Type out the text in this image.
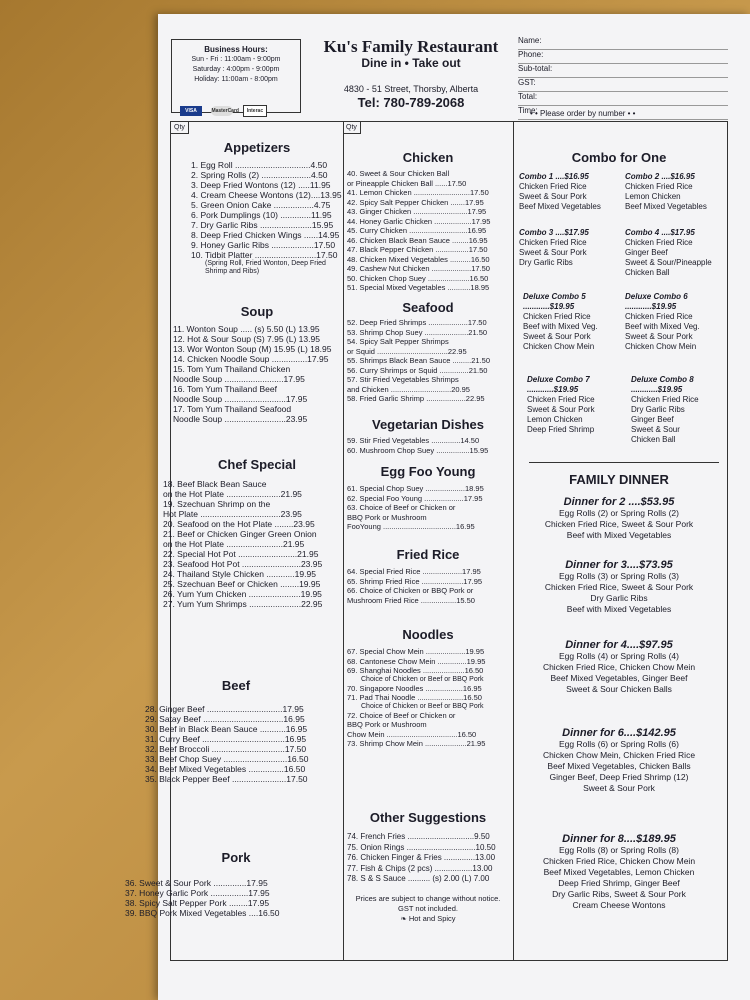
Business Hours:
Sun - Fri : 11:00am - 9:00pm
Saturday : 4:00pm - 9:00pm
Holiday: 11:00am - 8:00pm
VISA	MasterCard Interac
Ku's Family Restaurant
Dine in • Take out
4830 - 51 Street, Thorsby, Alberta
Tel: 780-789-2068
Name:
Phone:
Sub-total:
GST:
Total:
Time:
• • Please order by number • •
Qty
Appetizers
1. Egg Roll ................................4.50
2. Spring Rolls (2) .....................4.50
3. Deep Fried Wontons (12) .....11.95
4. Cream Cheese Wontons (12)....13.95
5. Green Onion Cake .................4.75
6. Pork Dumplings (10) .............11.95
7. Dry Garlic Ribs ......................15.95
8. Deep Fried Chicken Wings ......14.95
9. Honey Garlic Ribs ..................17.50
10. Tidbit Platter ..........................17.50
(Spring Roll, Fried Wonton, Deep Fried Shrimp and Ribs)
Soup
11. Wonton Soup ..... (s) 5.50 (L) 13.95
12. Hot & Sour Soup (S) 7.95 (L) 13.95
13. Wor Wonton Soup (M) 15.95 (L) 18.95
14. Chicken Noodle Soup ...............17.95
15. Tom Yum Thailand Chicken
Noodle Soup .........................17.95
16. Tom Yum Thailand Beef
Noodle Soup ..........................17.95
17. Tom Yum Thailand Seafood
Noodle Soup ..........................23.95
Chef Special
18. Beef Black Bean Sauce
on the Hot Plate .......................21.95
19. Szechuan Shrimp on the
Hot Plate ..................................23.95
20. Seafood on the Hot Plate ........23.95
21. Beef or Chicken Ginger Green Onion
on the Hot Plate ........................21.95
22. Special Hot Pot .........................21.95
23. Seafood Hot Pot .........................23.95
24. Thailand Style Chicken ............19.95
25. Szechuan Beef or Chicken ........19.95
26. Yum Yum Chicken ......................19.95
27. Yum Yum Shrimps ......................22.95
Beef
28. Ginger Beef ................................17.95
29. Satay Beef ..................................16.95
30. Beef in Black Bean Sauce ...........16.95
31. Curry Beef ...................................16.95
32. Beef Broccoli ...............................17.50
33. Beef Chop Suey ...........................16.50
34. Beef Mixed Vegetables ...............16.50
35. Black Pepper Beef .......................17.50
Pork
36. Sweet & Sour Pork ..............17.95
37. Honey Garlic Pork ................17.95
38. Spicy Salt Pepper Pork ........17.95
39. BBQ Pork Mixed Vegetables ....16.50
Qty
Chicken
40. Sweet & Sour Chicken Ball
or Pineapple Chicken Ball ......17.50
41. Lemon Chicken ...........................17.50
42. Spicy Salt Pepper Chicken .......17.95
43. Ginger Chicken ..........................17.95
44. Honey Garlic Chicken ..................17.95
45. Curry Chicken ............................16.95
46. Chicken Black Bean Sauce ........16.95
47. Black Pepper Chicken ................17.50
48. Chicken Mixed Vegetables ..........16.50
49. Cashew Nut Chicken ...................17.50
50. Chicken Chop Suey ....................16.50
51. Special Mixed Vegetables ...........18.95
Seafood
52. Deep Fried Shrimps ...................17.50
53. Shrimp Chop Suey .....................21.50
54. Spicy Salt Pepper Shrimps
or Squid ..................................22.95
55. Shrimps Black Bean Sauce .........21.50
56. Curry Shrimps or Squid ..............21.50
57. Stir Fried Vegetables Shrimps
and Chicken .............................20.95
58. Fried Garlic Shrimp ...................22.95
Vegetarian Dishes
59. Stir Fried Vegetables ..............14.50
60. Mushroom Chop Suey ................15.95
Egg Foo Young
61. Special Chop Suey ...................18.95
62. Special Foo Young ...................17.95
63. Choice of Beef or Chicken or
BBQ Pork or Mushroom
FooYoung ...................................16.95
Fried Rice
64. Special Fried Rice ...................17.95
65. Shrimp Fried Rice ....................17.95
66. Choice of Chicken or BBQ Pork or
Mushroom Fried Rice .................15.50
Noodles
67. Special Chow Mein ...................19.95
68. Cantonese Chow Mein ..............19.95
69. Shanghai Noodles ....................16.50
Choice of Chicken or Beef or BBQ Pork
70. Singapore Noodles ..................16.95
71. Pad Thai Noodle ......................16.50
Choice of Chicken or Beef or BBQ Pork
72. Choice of Beef or Chicken or
BBQ Pork or Mushroom
Chow Mein ..................................16.50
73. Shrimp Chow Mein ....................21.95
Other Suggestions
74. French Fries ..............................9.50
75. Onion Rings ...............................10.50
76. Chicken Finger & Fries ..............13.00
77. Fish & Chips (2 pcs) .................13.00
78. S & S Sauce .......... (s) 2.00 (L) 7.00
Prices are subject to change without notice.
GST not included.
❧ Hot and Spicy
Combo for One
Combo 1 ....$16.95
Chicken Fried Rice
Sweet & Sour Pork
Beef Mixed Vegetables
Combo 2 ....$16.95
Chicken Fried Rice
Lemon Chicken
Beef Mixed Vegetables
Combo 3 ....$17.95
Chicken Fried Rice
Sweet & Sour Pork
Dry Garlic Ribs
Combo 4 ....$17.95
Chicken Fried Rice
Ginger Beef
Sweet & Sour/Pineapple
Chicken Ball
Deluxe Combo 5
............$19.95
Chicken Fried Rice
Beef with Mixed Veg.
Sweet & Sour Pork
Chicken Chow Mein
Deluxe Combo 6
............$19.95
Chicken Fried Rice
Beef with Mixed Veg.
Sweet & Sour Pork
Chicken Chow Mein
Deluxe Combo 7
............$19.95
Chicken Fried Rice
Sweet & Sour Pork
Lemon Chicken
Deep Fried Shrimp
Deluxe Combo 8
............$19.95
Chicken Fried Rice
Dry Garlic Ribs
Ginger Beef
Sweet & Sour
Chicken Ball
FAMILY DINNER
Dinner for 2 ....$53.95
Egg Rolls (2) or Spring Rolls (2)
Chicken Fried Rice, Sweet & Sour Pork
Beef with Mixed Vegetables
Dinner for 3....$73.95
Egg Rolls (3) or Spring Rolls (3)
Chicken Fried Rice, Sweet & Sour Pork
Dry Garlic Ribs
Beef with Mixed Vegetables
Dinner for 4....$97.95
Egg Rolls (4) or Spring Rolls (4)
Chicken Fried Rice, Chicken Chow Mein
Beef Mixed Vegetables, Ginger Beef
Sweet & Sour Chicken Balls
Dinner for 6....$142.95
Egg Rolls (6) or Spring Rolls (6)
Chicken Chow Mein, Chicken Fried Rice
Beef Mixed Vegetables, Chicken Balls
Ginger Beef, Deep Fried Shrimp (12)
Sweet & Sour Pork
Dinner for 8....$189.95
Egg Rolls (8) or Spring Rolls (8)
Chicken Fried Rice, Chicken Chow Mein
Beef Mixed Vegetables, Lemon Chicken
Deep Fried Shrimp, Ginger Beef
Dry Garlic Ribs, Sweet & Sour Pork
Cream Cheese Wontons
